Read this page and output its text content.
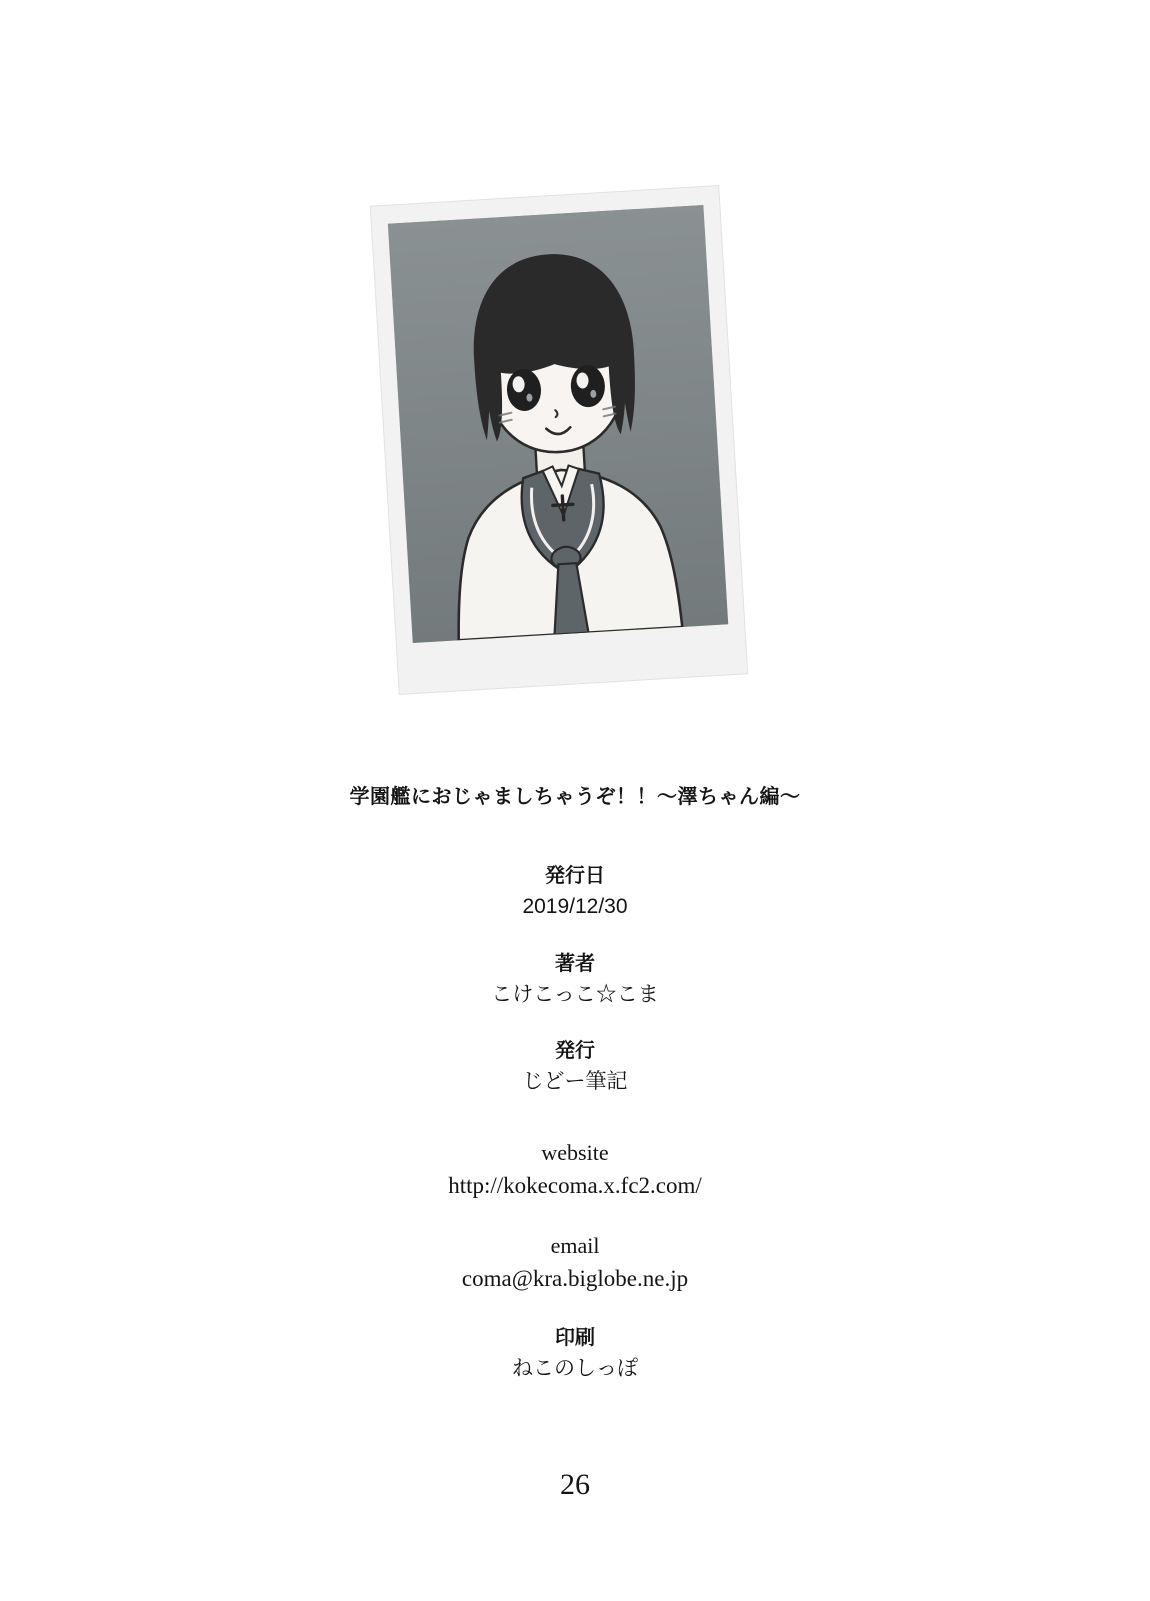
学園艦におじゃましちゃうぞ！！～澤ちゃん編～
発行日
2019/12/30
著者
こけこっこ☆こま
発行
じどー筆記
website
http://kokecoma.x.fc2.com/
email
coma@kra.biglobe.ne.jp
印刷
ねこのしっぽ
26
